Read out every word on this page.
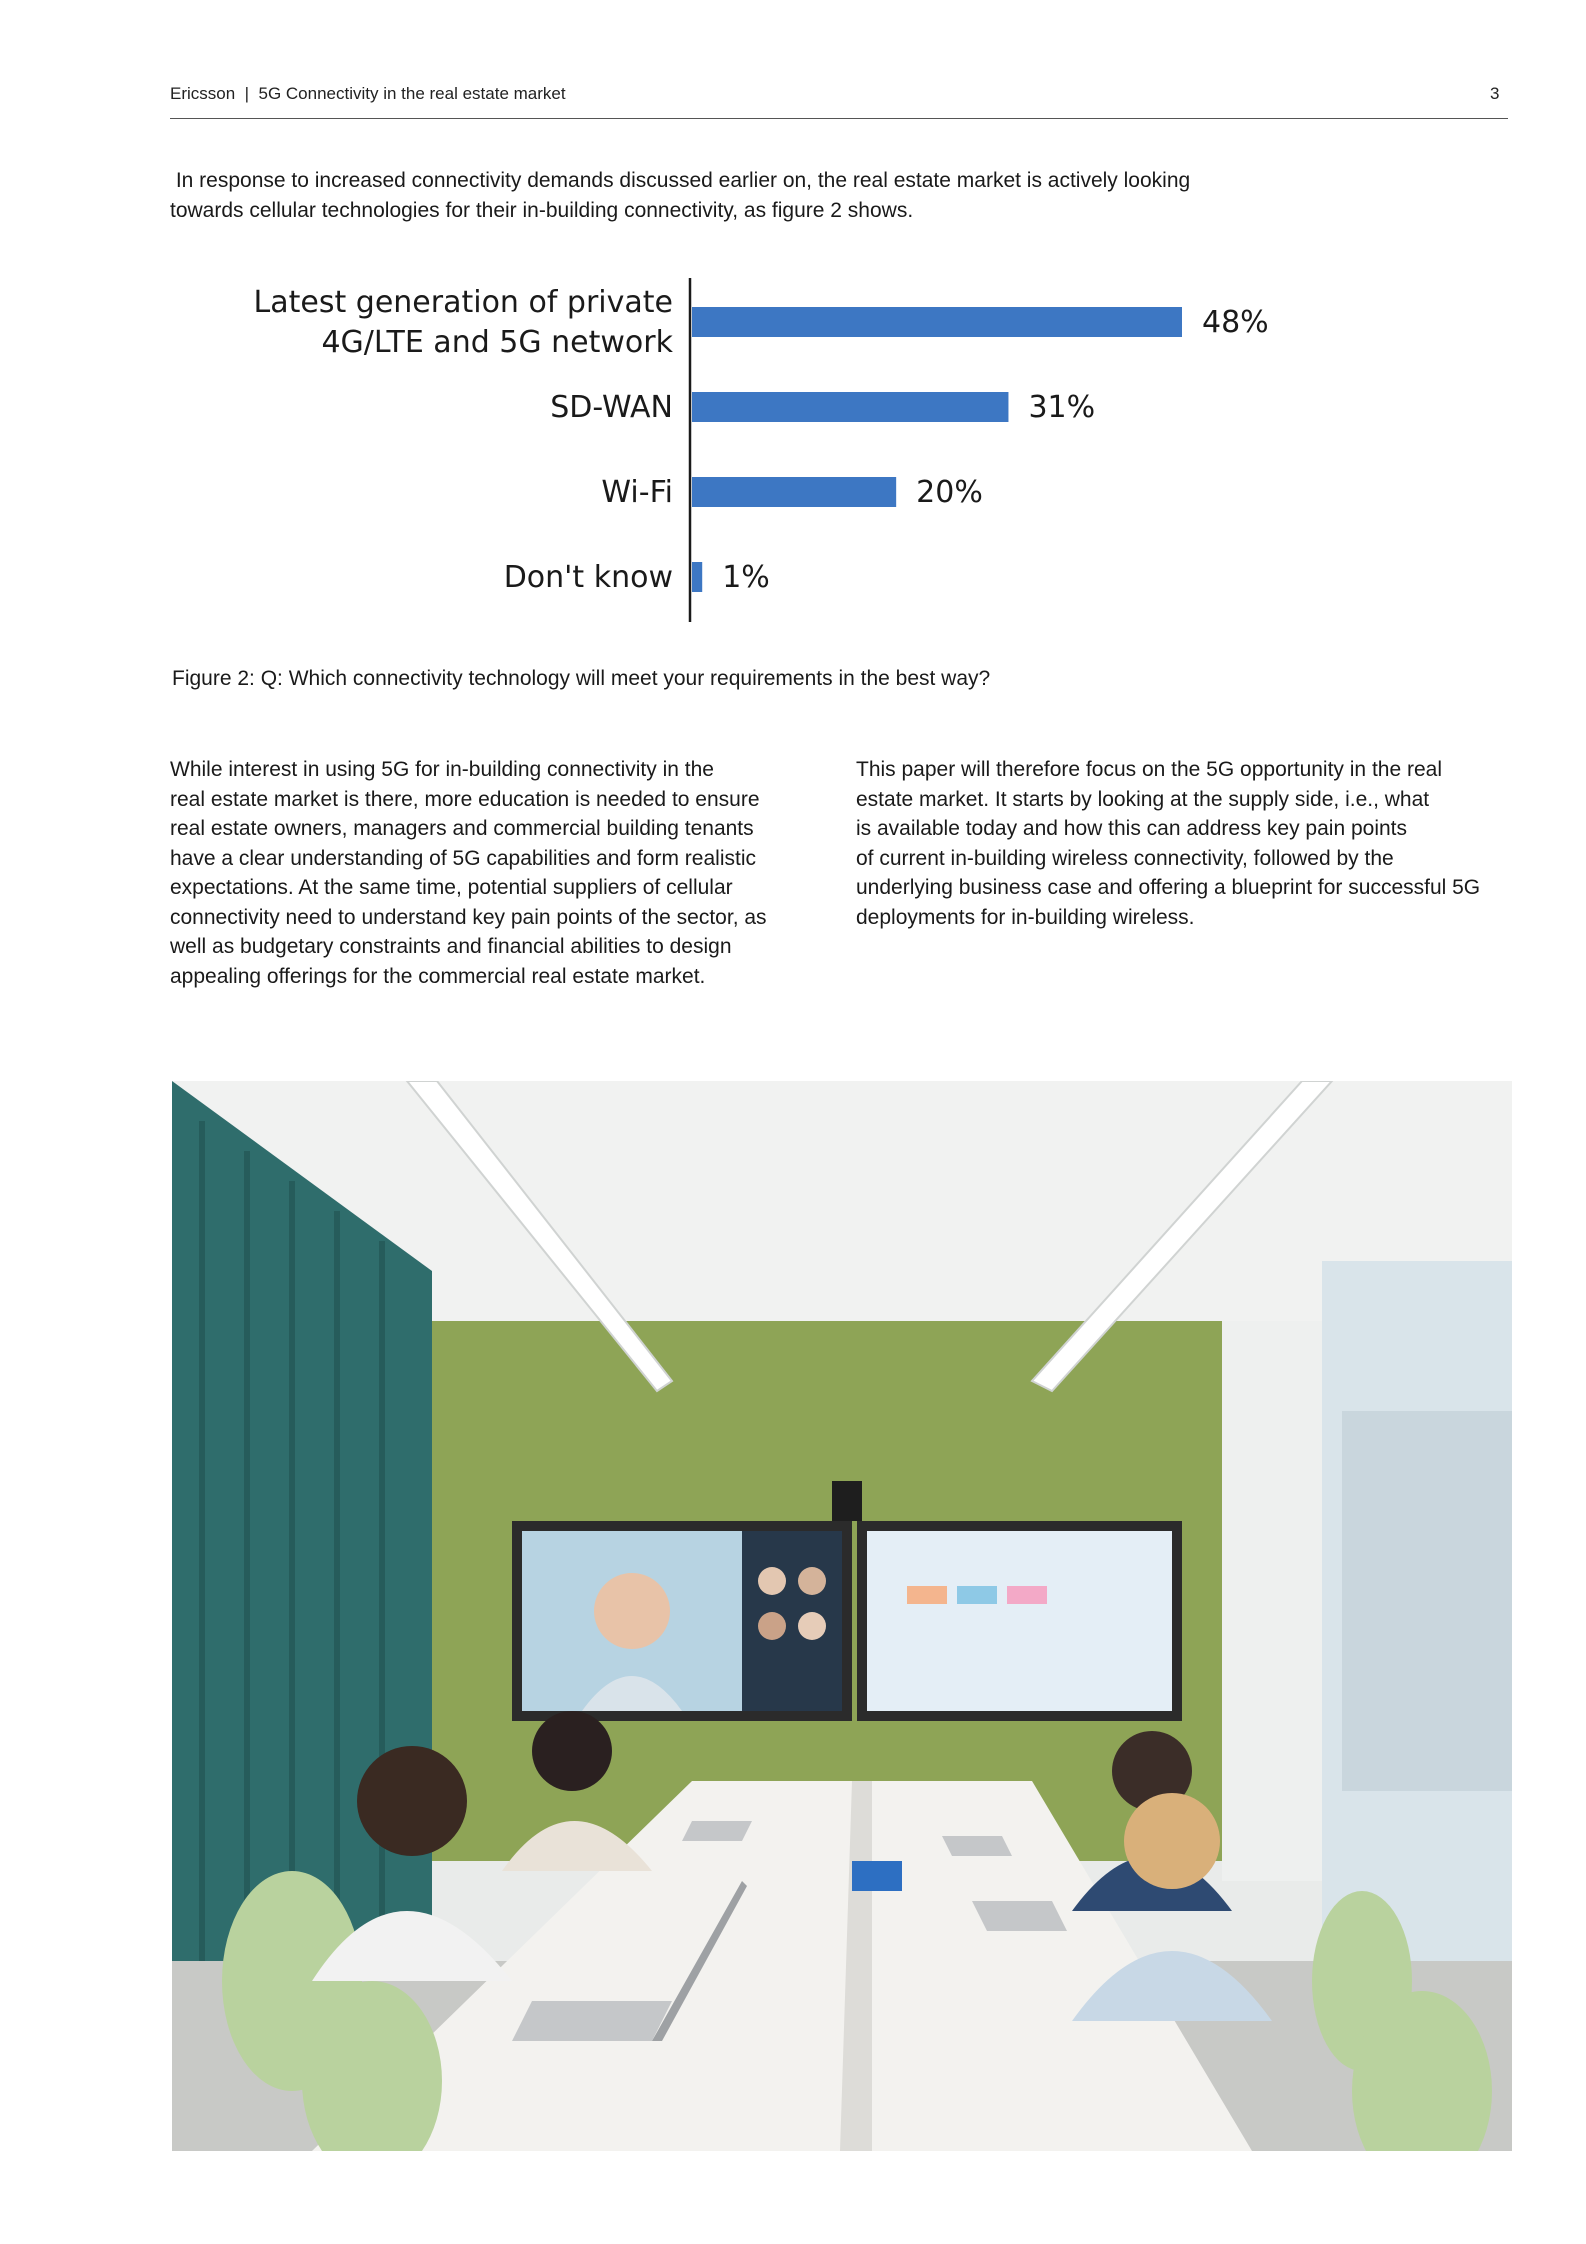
Ericsson  |  5G Connectivity in the real estate market	3
In response to increased connectivity demands discussed earlier on, the real estate market is actively looking
towards cellular technologies for their in-building connectivity, as figure 2 shows.
48%
Latest generation of private
4G/LTE and 5G network
31%
SD-WAN
20%
Wi-Fi
1%
Don't know
Figure 2: Q: Which connectivity technology will meet your requirements in the best way?
While interest in using 5G for in-building connectivity in the
real estate market is there, more education is needed to ensure
real estate owners, managers and commercial building tenants
have a clear understanding of 5G capabilities and form realistic
expectations. At the same time, potential suppliers of cellular
connectivity need to understand key pain points of the sector, as
well as budgetary constraints and financial abilities to design
appealing offerings for the commercial real estate market.
This paper will therefore focus on the 5G opportunity in the real
estate market. It starts by looking at the supply side, i.e., what
is available today and how this can address key pain points
of current in-building wireless connectivity, followed by the
underlying business case and offering a blueprint for successful 5G
deployments for in-building wireless.
